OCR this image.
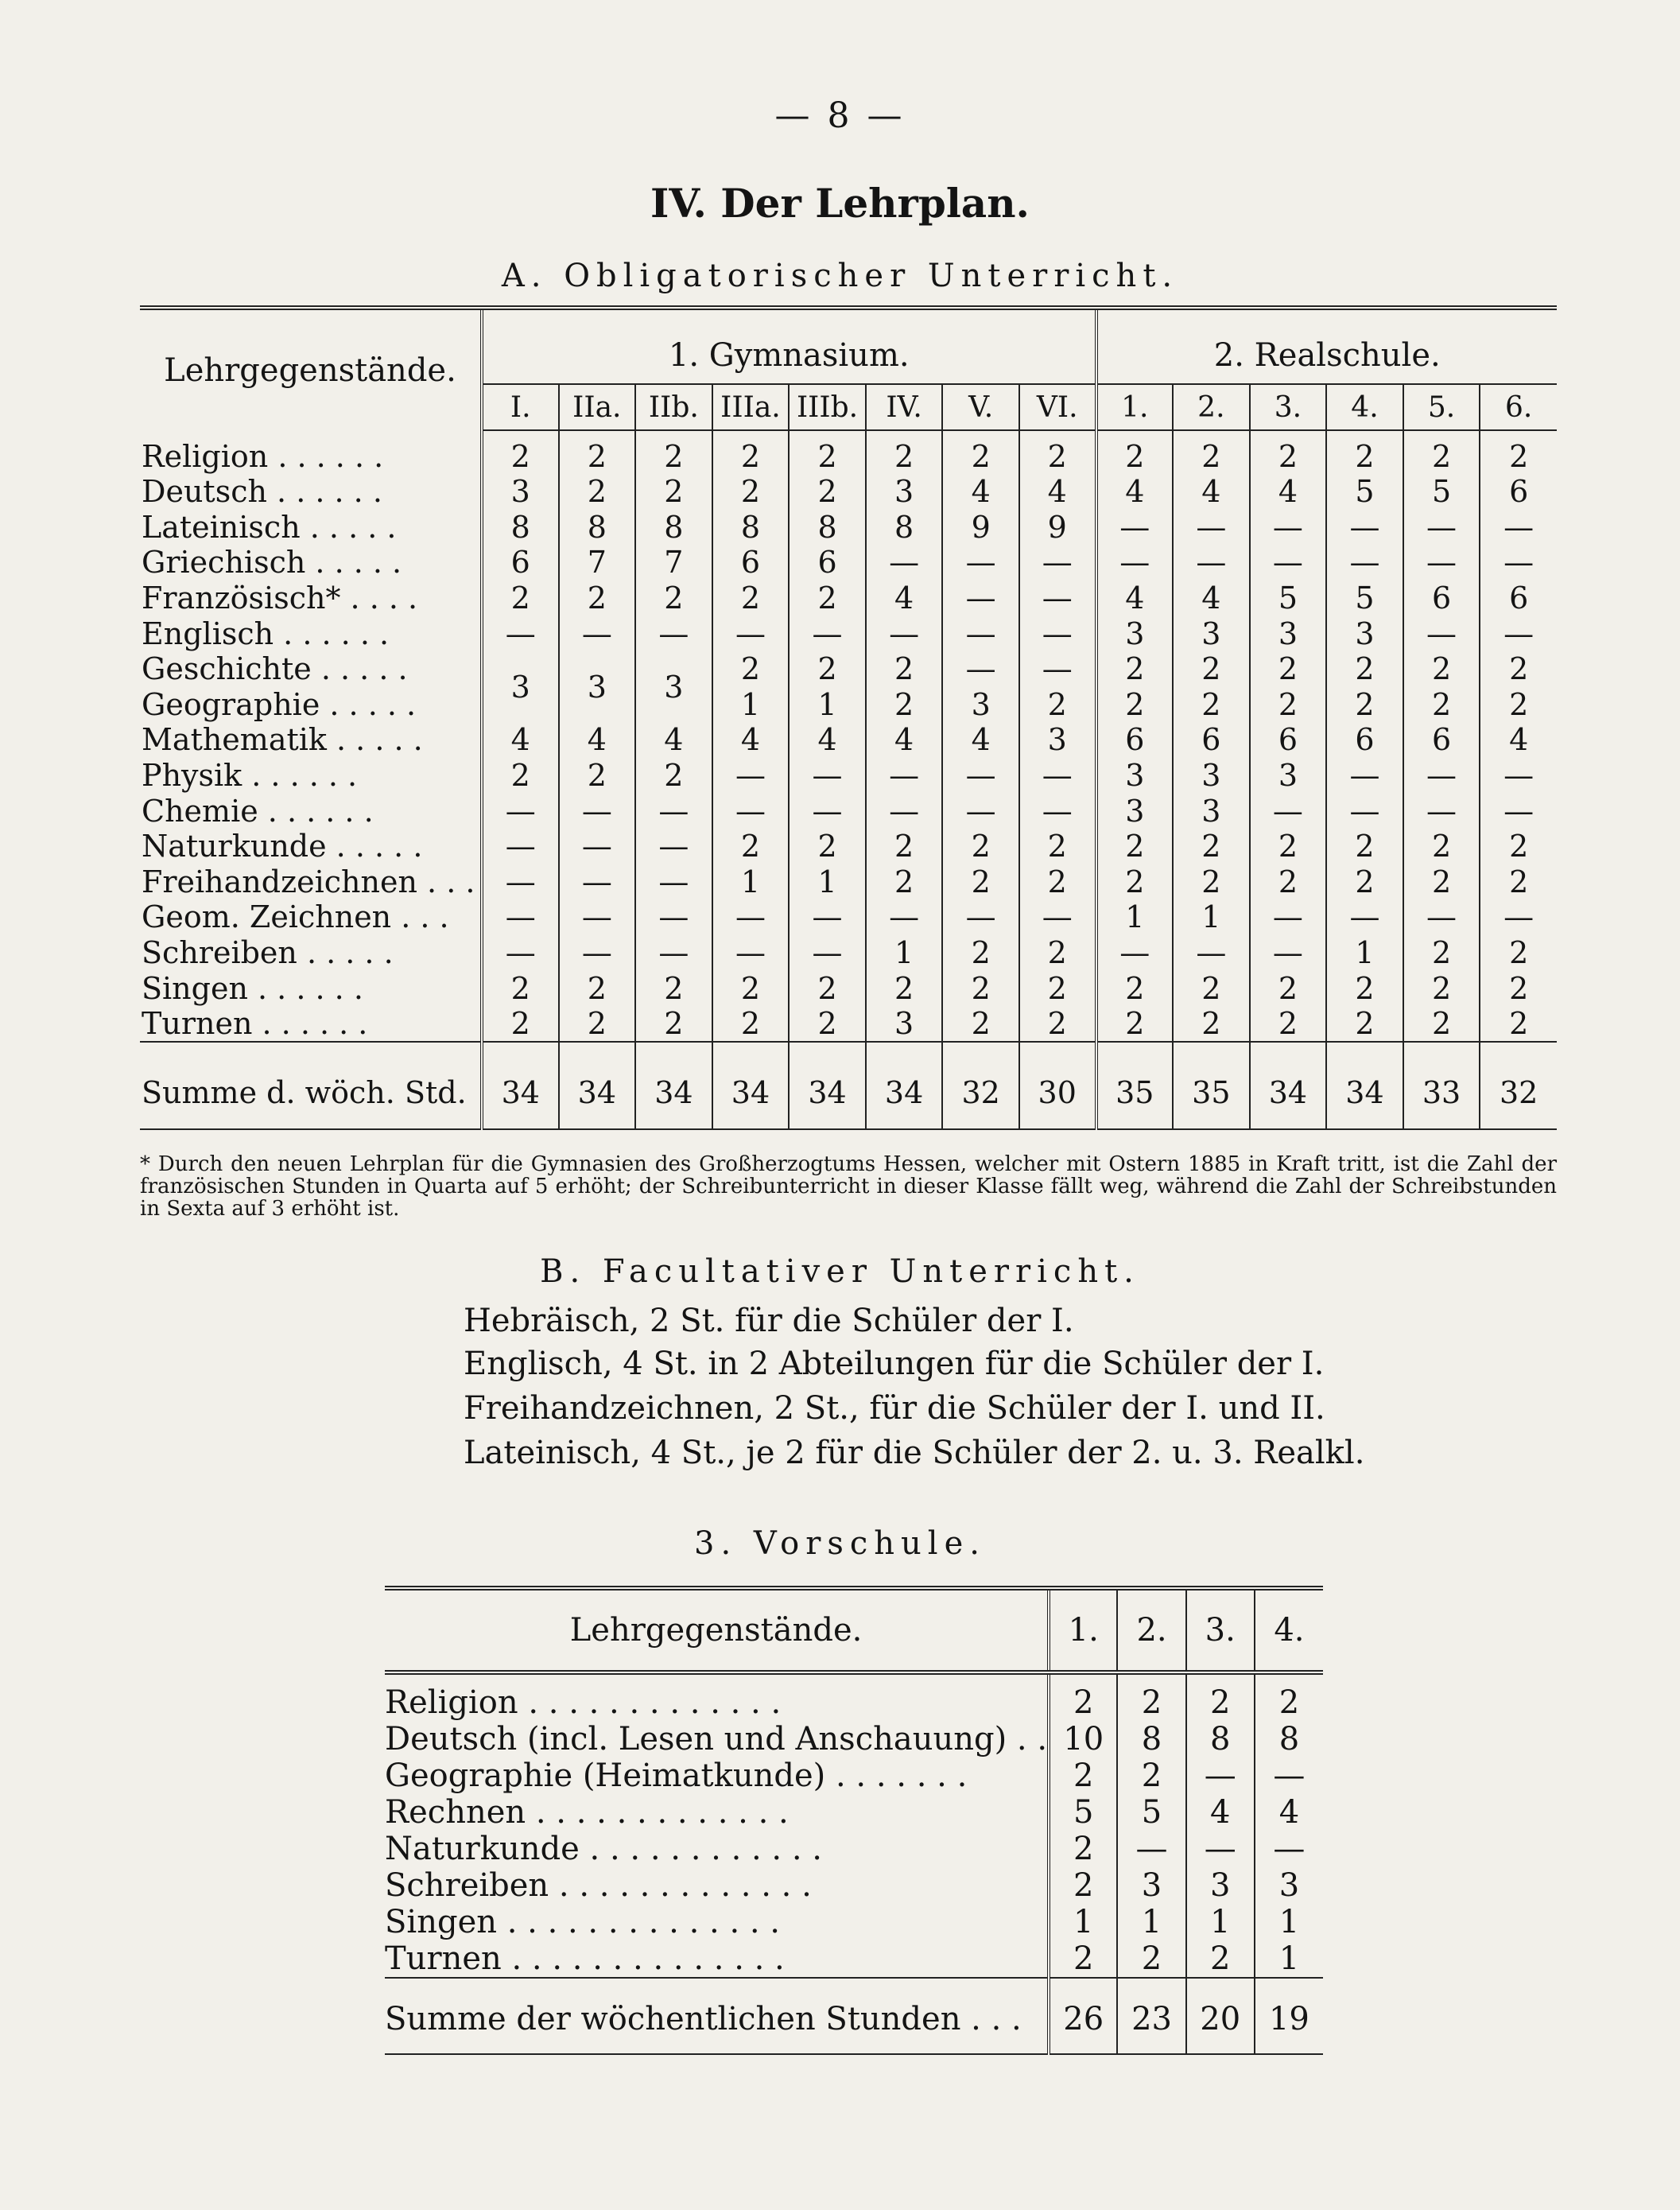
— 8 —
IV. Der Lehrplan.
A. Obligatorischer Unterricht.
Lehrgegenstände.	1. Gymnasium.								2. Realschule.					
	I.	IIa.	IIb.	IIIa.	IIIb.	IV.	V.	VI.	1.	2.	3.	4.	5.	6.
Religion . . . . . .	2	2	2	2	2	2	2	2	2	2	2	2	2	2
Deutsch . . . . . .	3	2	2	2	2	3	4	4	4	4	4	5	5	6
Lateinisch . . . . .	8	8	8	8	8	8	9	9	—	—	—	—	—	—
Griechisch . . . . .	6	7	7	6	6	—	—	—	—	—	—	—	—	—
Französisch* . . . .	2	2	2	2	2	4	—	—	4	4	5	5	6	6
Englisch . . . . . .	—	—	—	—	—	—	—	—	3	3	3	3	—	—
Geschichte . . . . .	3	3	3	2	2	2	—	—	2	2	2	2	2	2
Geographie . . . . .				1	1	2	3	2	2	2	2	2	2	2
Mathematik . . . . .	4	4	4	4	4	4	4	3	6	6	6	6	6	4
Physik . . . . . .	2	2	2	—	—	—	—	—	3	3	3	—	—	—
Chemie . . . . . .	—	—	—	—	—	—	—	—	3	3	—	—	—	—
Naturkunde . . . . .	—	—	—	2	2	2	2	2	2	2	2	2	2	2
Freihandzeichnen . . .	—	—	—	1	1	2	2	2	2	2	2	2	2	2
Geom. Zeichnen . . .	—	—	—	—	—	—	—	—	1	1	—	—	—	—
Schreiben . . . . .	—	—	—	—	—	1	2	2	—	—	—	1	2	2
Singen . . . . . .	2	2	2	2	2	2	2	2	2	2	2	2	2	2
Turnen . . . . . .	2	2	2	2	2	3	2	2	2	2	2	2	2	2
Summe d. wöch. Std.	34	34	34	34	34	34	32	30	35	35	34	34	33	32
* Durch den neuen Lehrplan für die Gymnasien des Großherzogtums Hessen, welcher mit Ostern 1885 in Kraft tritt, ist die Zahl der französischen Stunden in Quarta auf 5 erhöht; der Schreibunterricht in dieser Klasse fällt weg, während die Zahl der Schreibstunden in Sexta auf 3 erhöht ist.
B. Facultativer Unterricht.
Hebräisch, 2 St. für die Schüler der I.
Englisch, 4 St. in 2 Abteilungen für die Schüler der I.
Freihandzeichnen, 2 St., für die Schüler der I. und II.
Lateinisch, 4 St., je 2 für die Schüler der 2. u. 3. Realkl.
3. Vorschule.
Lehrgegenstände.	1.	2.	3.	4.
Religion . . . . . . . . . . . . .	2	2	2	2
Deutsch (incl. Lesen und Anschauung) . .	10	8	8	8
Geographie (Heimatkunde) . . . . . . .	2	2	—	—
Rechnen . . . . . . . . . . . . .	5	5	4	4
Naturkunde . . . . . . . . . . . .	2	—	—	—
Schreiben . . . . . . . . . . . . .	2	3	3	3
Singen . . . . . . . . . . . . . .	1	1	1	1
Turnen . . . . . . . . . . . . . .	2	2	2	1
Summe der wöchentlichen Stunden . . .	26	23	20	19
